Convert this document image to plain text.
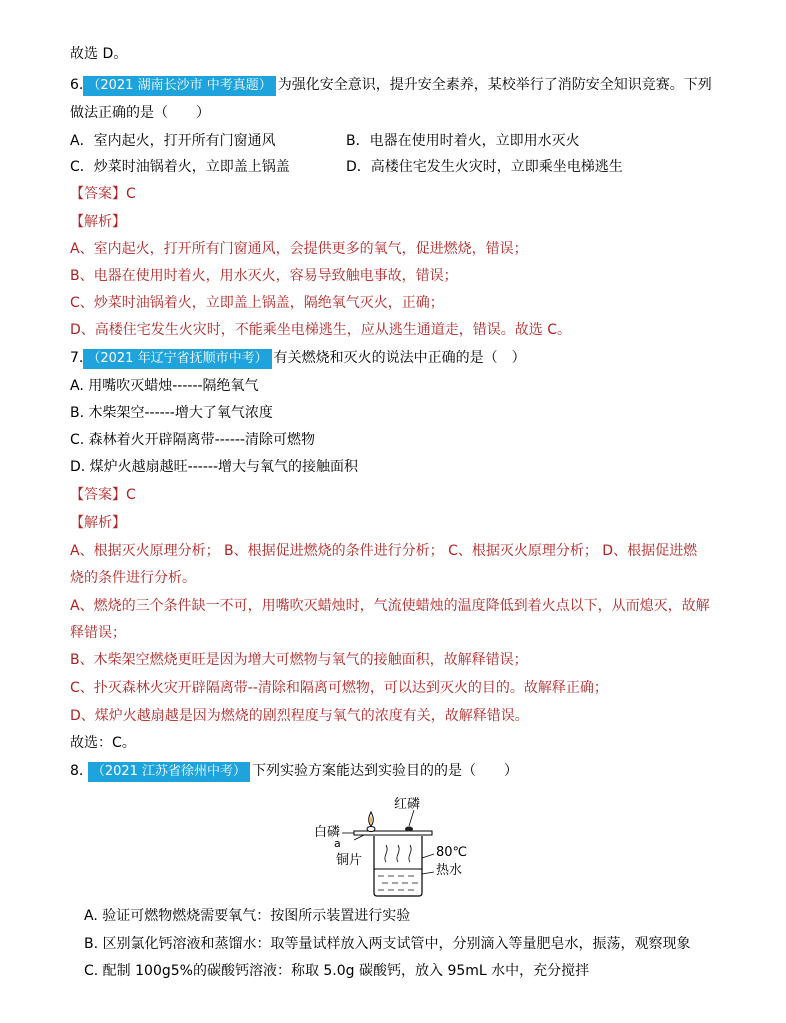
故选 D。
6. （2021 湖南长沙市 中考真题） 为强化安全意识，提升安全素养，某校举行了消防安全知识竞赛。下列
做法正确的是（　　）
A．室内起火，打开所有门窗通风	B．电器在使用时着火，立即用水灭火
C．炒菜时油锅着火，立即盖上锅盖	D．高楼住宅发生火灾时，立即乘坐电梯逃生
【答案】C
【解析】
A、室内起火，打开所有门窗通风，会提供更多的氧气，促进燃烧，错误；
B、电器在使用时着火，用水灭火，容易导致触电事故，错误；
C、炒菜时油锅着火，立即盖上锅盖，隔绝氧气灭火，正确；
D、高楼住宅发生火灾时，不能乘坐电梯逃生，应从逃生通道走，错误。故选 C。
7. （2021 年辽宁省抚顺市中考） 有关燃烧和灭火的说法中正确的是（　）
A. 用嘴吹灭蜡烛------隔绝氧气
B. 木柴架空------增大了氧气浓度
C. 森林着火开辟隔离带------清除可燃物
D. 煤炉火越扇越旺------增大与氧气的接触面积
【答案】C
【解析】
A、根据灭火原理分析； B、根据促进燃烧的条件进行分析； C、根据灭火原理分析； D、根据促进燃
烧的条件进行分析。
A、燃烧的三个条件缺一不可，用嘴吹灭蜡烛时，气流使蜡烛的温度降低到着火点以下，从而熄灭，故解
释错误；
B、木柴架空燃烧更旺是因为增大可燃物与氧气的接触面积，故解释错误；
C、扑灭森林火灾开辟隔离带--清除和隔离可燃物，可以达到灭火的目的。故解释正确；
D、煤炉火越扇越是因为燃烧的剧烈程度与氧气的浓度有关，故解释错误。
故选：C。
8. （2021 江苏省徐州中考） 下列实验方案能达到实验目的的是（　　）
红磷
白磷
a
铜片
80℃
热水
A. 验证可燃物燃烧需要氧气：按图所示装置进行实验
B. 区别氯化钙溶液和蒸馏水：取等量试样放入两支试管中，分别滴入等量肥皂水，振荡，观察现象
C. 配制 100g5%的碳酸钙溶液：称取 5.0g 碳酸钙，放入 95mL 水中，充分搅拌
